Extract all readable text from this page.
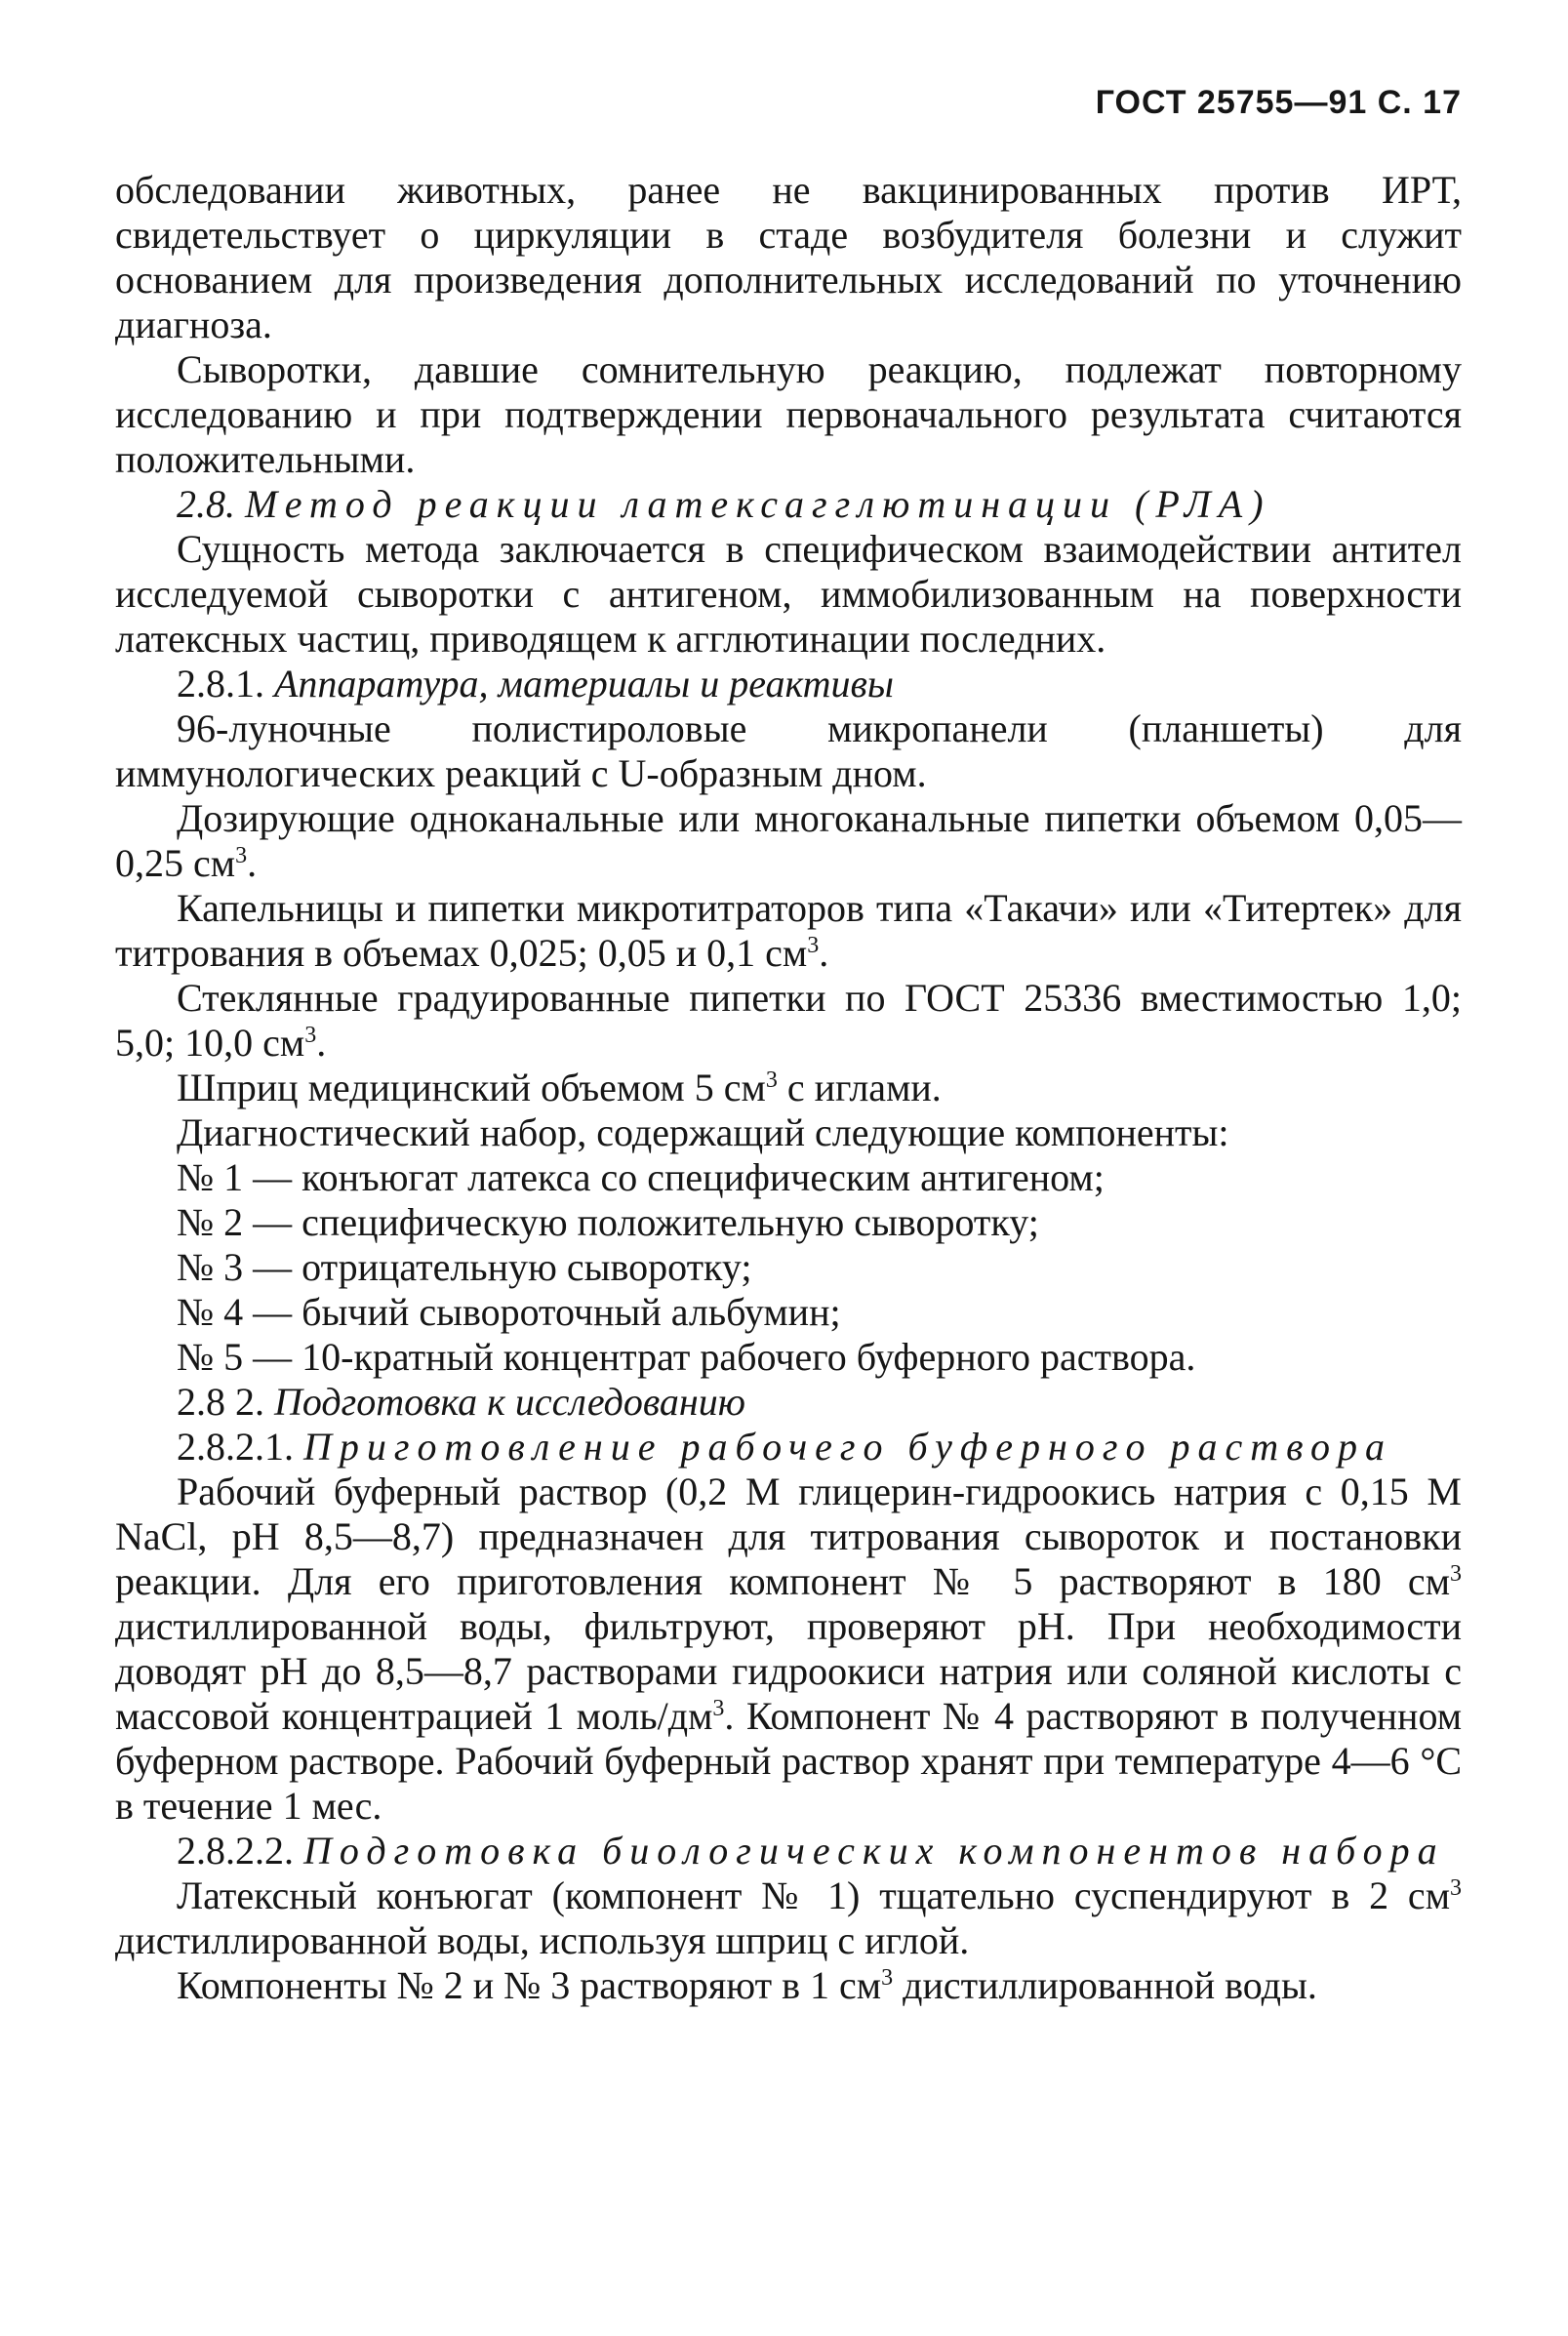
ГОСТ 25755—91 С. 17

обследовании животных, ранее не вакцинированных против ИРТ, свидетельствует о циркуляции в стаде возбудителя болезни и служит основанием для произведения дополнительных исследований по уточнению диагноза.

Сыворотки, давшие сомнительную реакцию, подлежат повторному исследованию и при подтверждении первоначального результата считаются положительными.

2.8. Метод реакции латексагглютинации (РЛА)

Сущность метода заключается в специфическом взаимодействии антител исследуемой сыворотки с антигеном, иммобилизованным на поверхности латексных частиц, приводящем к агглютинации последних.

2.8.1. Аппаратура, материалы и реактивы

96-луночные полистироловые микропанели (планшеты) для иммунологических реакций с U-образным дном.

Дозирующие одноканальные или многоканальные пипетки объемом 0,05—0,25 $см^3$.

Капельницы и пипетки микротитраторов типа «Такачи» или «Титертек» для титрования в объемах 0,025; 0,05 и 0,1 $см^3$.

Стеклянные градуированные пипетки по ГОСТ 25336 вместимостью 1,0; 5,0; 10,0 $см^3$.

Шприц медицинский объемом 5 $см^3$ с иглами.

Диагностический набор, содержащий следующие компоненты:

№ 1 — конъюгат латекса со специфическим антигеном;

№ 2 — специфическую положительную сыворотку;

№ 3 — отрицательную сыворотку;

№ 4 — бычий сывороточный альбумин;

№ 5 — 10-кратный концентрат рабочего буферного раствора.

2.8 2. Подготовка к исследованию

2.8.2.1. Приготовление рабочего буферного раствора

Рабочий буферный раствор (0,2 М глицерин-гидроокись натрия с 0,15 М NaCl, pH 8,5—8,7) предназначен для титрования сывороток и постановки реакции. Для его приготовления компонент № 5 растворяют в 180 $см^3$ дистиллированной воды, фильтруют, проверяют pH. При необходимости доводят pH до 8,5—8,7 растворами гидроокиси натрия или соляной кислоты с массовой концентрацией 1 моль/$дм^3$. Компонент № 4 растворяют в полученном буферном растворе. Рабочий буферный раствор хранят при температуре 4—6 °С в течение 1 мес.

2.8.2.2. Подготовка биологических компонентов набора

Латексный конъюгат (компонент № 1) тщательно суспендируют в 2 $см^3$ дистиллированной воды, используя шприц с иглой.

Компоненты № 2 и № 3 растворяют в 1 $см^3$ дистиллированной воды.
